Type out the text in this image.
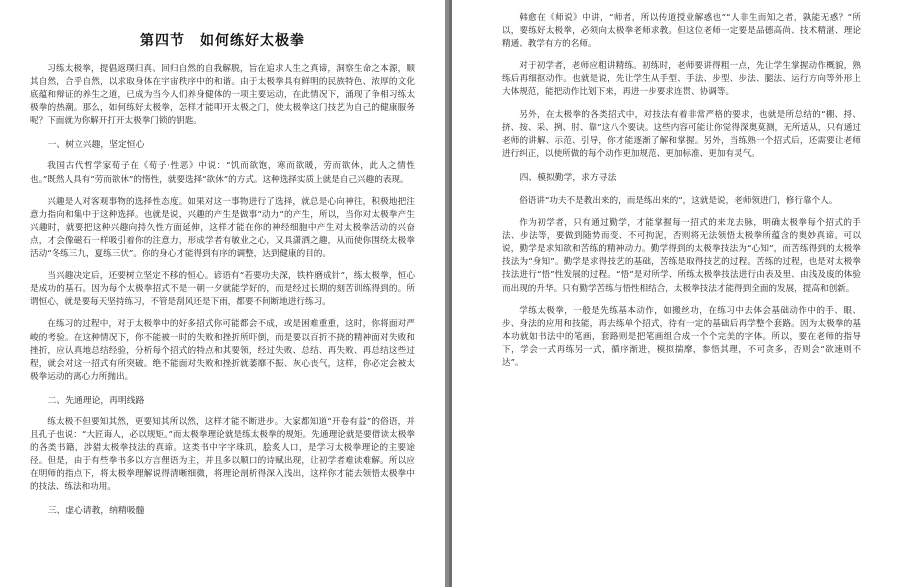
第四节　如何练好太极拳

习练太极拳，提倡返璞归真、回归自然的自我解脱，旨在追求人生之真谛，洞察生命之本源，顺其自然，合乎自然，以求取身体在宇宙秩序中的和谐。由于太极拳具有鲜明的民族特色、浓厚的文化底蕴和辩证的养生之道，已成为当今人们养身健体的一项主要运动，在此情况下，涌现了争相习练太极拳的热潮。那么，如何练好太极拳，怎样才能叩开太极之门，使太极拳这门技艺为自己的健康服务呢？下面就为你解开打开太极拳门锁的钥匙。

一、树立兴趣，坚定恒心

我国古代哲学家荀子在《荀子·性恶》中说：“饥而欲饱，寒而欲暖，劳而欲休，此人之情性也。”既然人具有“劳而欲休”的惰性，就要选择“欲休”的方式。这种选择实质上就是自己兴趣的表现。

兴趣是人对客观事物的选择性态度。如果对这一事物进行了选择，就总是心向神往，积极地把注意力指向和集中于这种选择。也就是说，兴趣的产生是做事“动力”的产生，所以，当你对太极拳产生兴趣时，就要把这种兴趣向持久性方面延伸，这样才能在你的神经细胞中产生对太极拳活动的兴奋点，才会像磁石一样吸引着你的注意力，形成学者有敏业之心，又具潇洒之趣，从而使你围绕太极拳活动“冬练三九，夏练三伏”。你的身心才能得到有序的调整，达到健康的目的。

当兴趣决定后，还要树立坚定不移的恒心。谚语有“若要功夫深，铁杵磨成针”，练太极拳，恒心是成功的基石。因为每个太极拳招式不是一朝一夕就能学好的，而是经过长期的刻苦训练得到的。所谓恒心，就是要每天坚持练习，不管是刮风还是下雨，都要不间断地进行练习。

在练习的过程中，对于太极拳中的好多招式你可能都会不成，或是困难重重，这时，你将面对严峻的考验。在这种情况下，你不能被一时的失败和挫折所吓倒，而是要以百折不挠的精神面对失败和挫折，应认真地总结经验，分析每个招式的特点和其要领，经过失败、总结、再失败、再总结这些过程，就会对这一招式有所突破。绝不能面对失败和挫折就萎靡不振、灰心丧气，这样，你必定会被太极拳运动的离心力所抛出。

二、先通理论，再明线路

练太极不但要知其然，更要知其所以然，这样才能不断进步。大家都知道“开卷有益”的俗语，并且孔子也说：“大匠诲人，必以规矩。”而太极拳理论就是练太极拳的规矩。先通理论就是要借读太极拳的各类书籍，涉猎太极拳技法的真谛。这类书中字字珠玑，脍炙人口，是学习太极拳理论的主要途径。但是，由于有些拳书多以方言俚语为主，并且多以顺口的诗赋出现，让初学者难读难解。所以应在明师的指点下，将太极拳理解说得清晰细微，将理论剖析得深入浅出，这样你才能去领悟太极拳中的技法、练法和功用。

三、虚心请教，纳精吸髓

韩愈在《师说》中讲，“师者，所以传道授业解惑也”“人非生而知之者，孰能无惑？”所以，要练好太极拳，必须向太极拳老师求教。但这位老师一定要是品德高尚、技术精湛、理论精通、教学有方的名师。

对于初学者，老师应粗讲精练。初练时，老师要讲得粗一点，先让学生掌握动作概貌，熟练后再细抠动作。也就是说，先让学生从手型、手法、步型、步法、腿法、运行方向等外形上大体规范，能把动作比划下来，再进一步要求连贯、协调等。

另外，在太极拳的各类招式中，对技法有着非常严格的要求，也就是所总结的“棚、捋、挤、按、采、挒、肘、靠”这八个要诀。这些内容可能让你觉得深奥莫测，无所适从，只有通过老师的讲解、示范、引导，你才能逐渐了解和掌握。另外，当练熟一个招式后，还需要让老师进行纠正，以使所做的每个动作更加规范、更加标准、更加有灵气。

四、模拟勤学，求方寻法

俗语讲“功夫不是教出来的，而是练出来的”，这就是说，老师领进门，修行靠个人。

作为初学者，只有通过勤学，才能掌握每一招式的来龙去脉，明确太极拳每个招式的手法、步法等，要做到随势而变、不可拘泥，否则将无法领悟太极拳所蕴含的奥妙真谛。可以说，勤学是求知欲和苦练的精神动力。勤学得到的太极拳技法为“心知”，而苦练得到的太极拳技法为“身知”。勤学是求得技艺的基础，苦练是取得技艺的过程。苦练的过程，也是对太极拳技法进行“悟”性发展的过程。“悟”是对所学、所练太极拳技法进行由表及里、由浅及废的体验而出现的升华。只有勤学苦练与悟性相结合，太极拳技法才能得到全面的发展，提高和创新。

学练太极拳，一般是先练基本动作，如搬丝功，在练习中去体会基础动作中的手、眼、步、身法的应用和技能，再去练单个招式，待有一定的基础后再学整个套路。因为太极拳的基本功就如书法中的笔画，套路则是把笔画组合成一个个完美的字体。所以，要在老师的指导下，学会一式再练另一式，循序渐进，模拟揣摩，参悟其理，不可贪多，否则会“欲速则不达”。
